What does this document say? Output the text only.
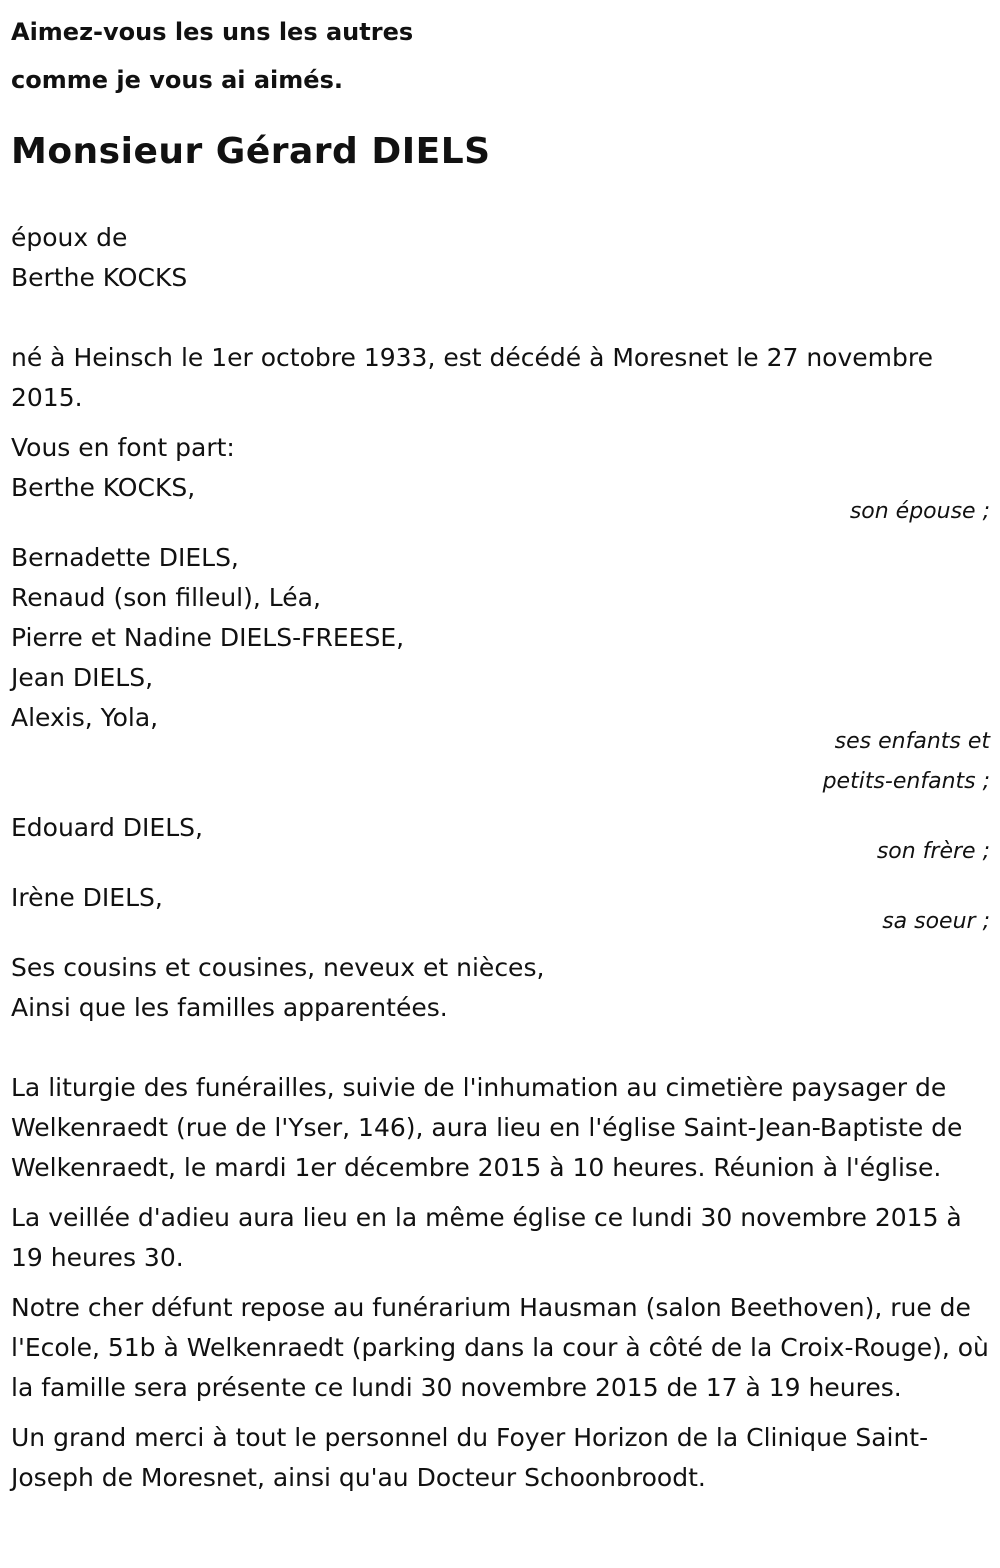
Aimez-vous les uns les autres
comme je vous ai aimés.
Monsieur Gérard DIELS
époux de
Berthe KOCKS
né à Heinsch le 1er octobre 1933, est décédé à Moresnet le 27 novembre 2015.
Vous en font part:
Berthe KOCKS,
son épouse ;
Bernadette DIELS,
Renaud (son filleul), Léa,
Pierre et Nadine DIELS-FREESE,
Jean DIELS,
Alexis, Yola,
ses enfants et
petits-enfants ;
Edouard DIELS,
son frère ;
Irène DIELS,
sa soeur ;
Ses cousins et cousines, neveux et nièces,
Ainsi que les familles apparentées.

La liturgie des funérailles, suivie de l'inhumation au cimetière paysager de Welkenraedt (rue de l'Yser, 146), aura lieu en l'église Saint-Jean-Baptiste de Welkenraedt, le mardi 1er décembre 2015 à 10 heures. Réunion à l'église.

La veillée d'adieu aura lieu en la même église ce lundi 30 novembre 2015 à 19 heures 30.

Notre cher défunt repose au funérarium Hausman (salon Beethoven), rue de l'Ecole, 51b à Welkenraedt (parking dans la cour à côté de la Croix-Rouge), où la famille sera présente ce lundi 30 novembre 2015 de 17 à 19 heures.

Un grand merci à tout le personnel du Foyer Horizon de la Clinique Saint-Joseph de Moresnet, ainsi qu'au Docteur Schoonbroodt.
